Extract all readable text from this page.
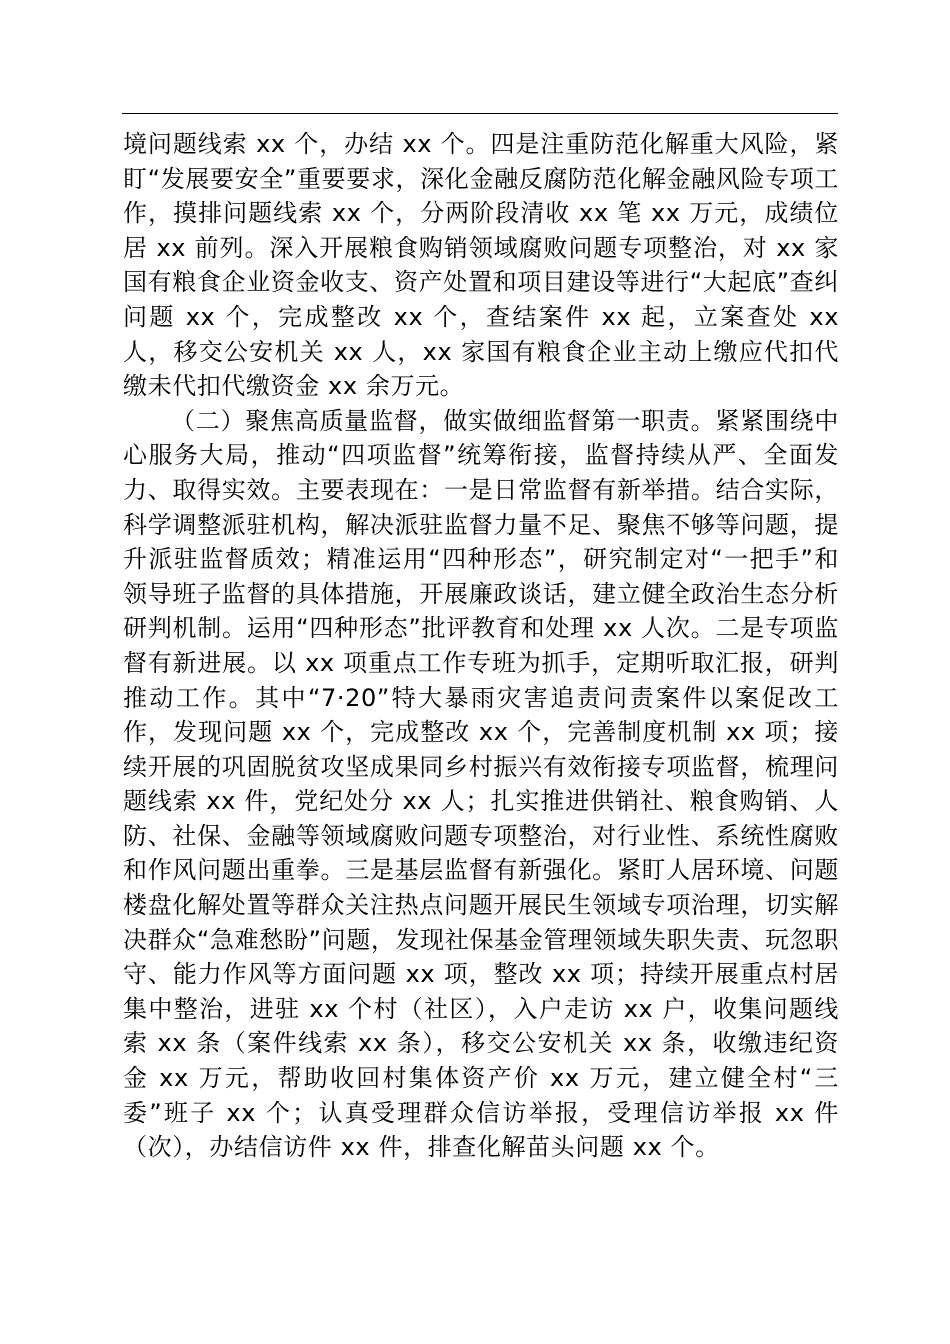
境问题线索 xx 个，办结 xx 个。四是注重防范化解重大风险，紧盯“发展要安全”重要要求，深化金融反腐防范化解金融风险专项工作，摸排问题线索 xx 个，分两阶段清收 xx 笔 xx 万元，成绩位居 xx 前列。深入开展粮食购销领域腐败问题专项整治，对 xx 家国有粮食企业资金收支、资产处置和项目建设等进行“大起底”查纠问题 xx 个，完成整改 xx 个，查结案件 xx 起，立案查处 xx 人，移交公安机关 xx 人，xx 家国有粮食企业主动上缴应代扣代缴未代扣代缴资金 xx 余万元。

（二）聚焦高质量监督，做实做细监督第一职责。紧紧围绕中心服务大局，推动“四项监督”统筹衔接，监督持续从严、全面发力、取得实效。主要表现在：一是日常监督有新举措。结合实际，科学调整派驻机构，解决派驻监督力量不足、聚焦不够等问题，提升派驻监督质效；精准运用“四种形态”，研究制定对“一把手”和领导班子监督的具体措施，开展廉政谈话，建立健全政治生态分析研判机制。运用“四种形态”批评教育和处理 xx 人次。二是专项监督有新进展。以 xx 项重点工作专班为抓手，定期听取汇报，研判推动工作。其中“7·20”特大暴雨灾害追责问责案件以案促改工作，发现问题 xx 个，完成整改 xx 个，完善制度机制 xx 项；接续开展的巩固脱贫攻坚成果同乡村振兴有效衔接专项监督，梳理问题线索 xx 件，党纪处分 xx 人；扎实推进供销社、粮食购销、人防、社保、金融等领域腐败问题专项整治，对行业性、系统性腐败和作风问题出重拳。三是基层监督有新强化。紧盯人居环境、问题楼盘化解处置等群众关注热点问题开展民生领域专项治理，切实解决群众“急难愁盼”问题，发现社保基金管理领域失职失责、玩忽职守、能力作风等方面问题 xx 项，整改 xx 项；持续开展重点村居集中整治，进驻 xx 个村（社区），入户走访 xx 户，收集问题线索 xx 条（案件线索 xx 条），移交公安机关 xx 条，收缴违纪资金 xx 万元，帮助收回村集体资产价 xx 万元，建立健全村“三委”班子 xx 个；认真受理群众信访举报，受理信访举报 xx 件（次），办结信访件 xx 件，排查化解苗头问题 xx 个。
